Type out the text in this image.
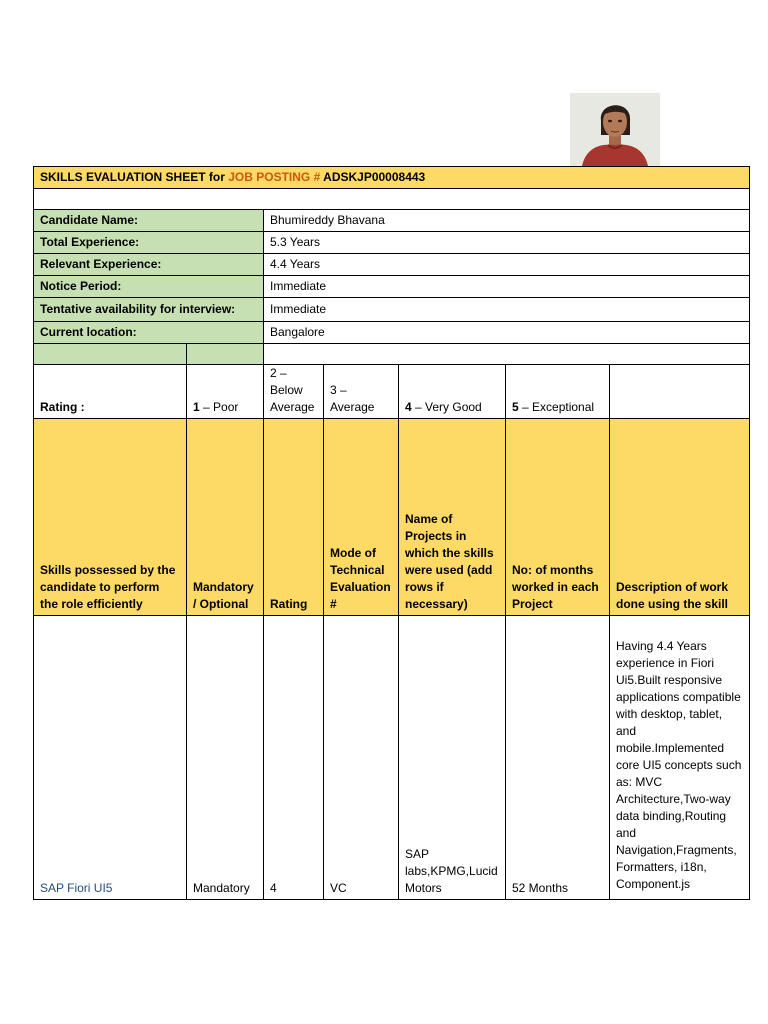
SKILLS EVALUATION SHEET for JOB POSTING # ADSKJP00008443						

Candidate Name:		Bhumireddy Bhavana				
Total Experience:		5.3 Years				
Relevant Experience:		4.4 Years				
Notice Period:		Immediate				
Tentative availability for interview:		Immediate				
Current location:		Bangalore				

Rating :	1 – Poor	2 –
Below
Average	3 –
Average	4 – Very Good	5 – Exceptional	
Skills possessed by the candidate to perform the role efficiently	Mandatory / Optional	Rating	Mode of Technical Evaluation #	Name of Projects in which the skills were used (add rows if necessary)	No: of months worked in each Project	Description of work done using the skill
SAP Fiori UI5	Mandatory	4	VC	SAP labs,KPMG,Lucid Motors	52 Months	Having 4.4 Years experience in Fiori Ui5.Built responsive applications compatible with desktop, tablet, and mobile.Implemented core UI5 concepts such as: MVC Architecture,Two-way data binding,Routing and Navigation,Fragments, Formatters, i18n, Component.js
